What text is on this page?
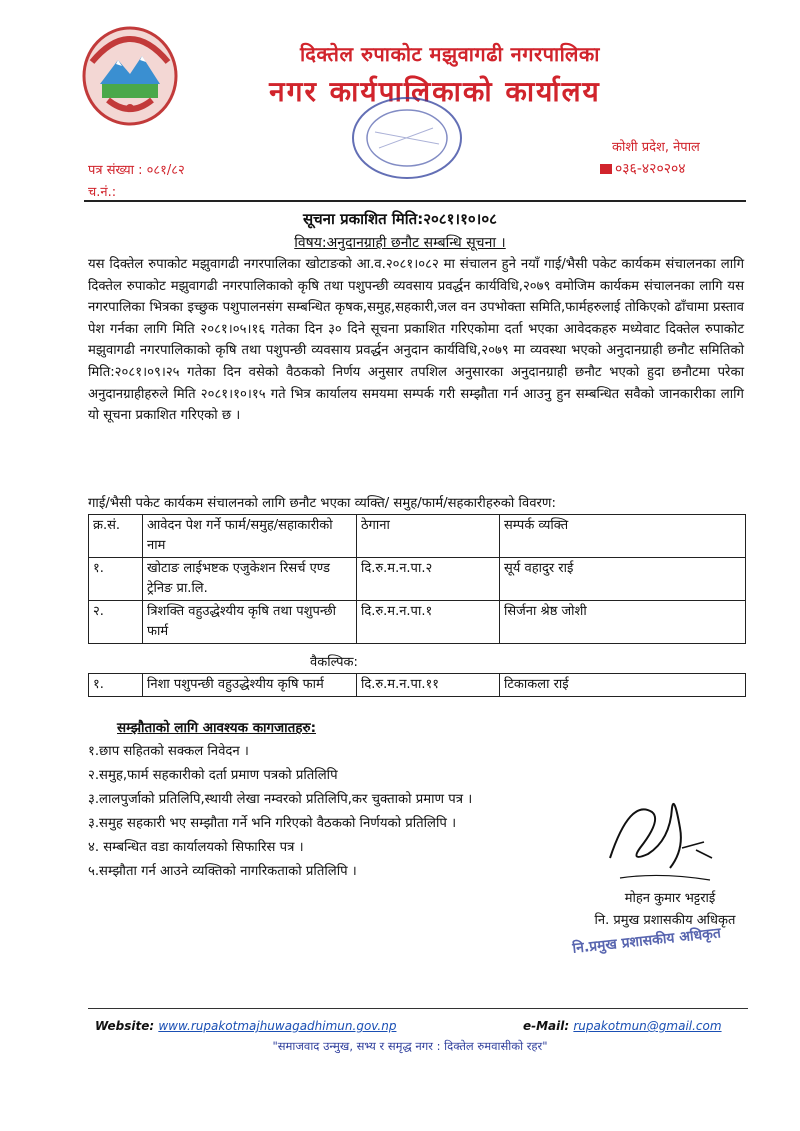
दिक्तेल रुपाकोट मझुवागढी नगरपालिका
नगर कार्यपालिकाको कार्यालय
कोशी प्रदेश, नेपाल
०३६-४२०२०४
पत्र संख्या : ०८१/८२
च.नं.:
सूचना प्रकाशित मिति:२०८१।१०।०८
विषय:अनुदानग्राही छनौट सम्बन्धि सूचना ।
यस दिक्तेल रुपाकोट मझुवागढी नगरपालिका खोटाङको आ.व.२०८१।०८२ मा संचालन हुने नयाँ गाई/भैसी पकेट कार्यकम संचालनका लागि दिक्तेल रुपाकोट मझुवागढी नगरपालिकाको कृषि तथा पशुपन्छी व्यवसाय प्रवर्द्धन कार्यविधि,२०७९ वमोजिम कार्यकम संचालनका लागि यस नगरपालिका भित्रका इच्छुक पशुपालनसंग सम्बन्धित कृषक,समुह,सहकारी,जल वन उपभोक्ता समिति,फार्महरुलाई तोकिएको ढाँचामा प्रस्ताव पेश गर्नका लागि मिति २०८१।०५।१६ गतेका दिन ३० दिने सूचना प्रकाशित गरिएकोमा दर्ता भएका आवेदकहरु मध्येवाट दिक्तेल रुपाकोट मझुवागढी नगरपालिकाको कृषि तथा पशुपन्छी व्यवसाय प्रवर्द्धन अनुदान कार्यविधि,२०७९ मा व्यवस्था भएको अनुदानग्राही छनौट समितिको मिति:२०८१।०९।२५ गतेका दिन वसेको वैठकको निर्णय अनुसार तपशिल अनुसारका अनुदानग्राही छनौट भएको हुदा छनौटमा परेका अनुदानग्राहीहरुले मिति २०८१।१०।१५ गते भित्र कार्यालय समयमा सम्पर्क गरी सम्झौता गर्न आउनु हुन सम्बन्धित सवैको जानकारीका लागि यो सूचना प्रकाशित गरिएको छ ।
गाई/भैसी पकेट कार्यकम संचालनको लागि छनौट भएका व्यक्ति/ समुह/फार्म/सहकारीहरुको विवरण:
क्र.सं.	आवेदन पेश गर्ने फार्म/समुह/सहाकारीको नाम	ठेगाना	सम्पर्क व्यक्ति
१.	खोटाङ लाईभष्टक एजुकेशन रिसर्च एण्ड ट्रेनिङ प्रा.लि.	दि.रु.म.न.पा.२	सूर्य वहादुर राई
२.	त्रिशक्ति वहुउद्धेश्यीय कृषि तथा पशुपन्छी फार्म	दि.रु.म.न.पा.१	सिर्जना श्रेष्ठ जोशी
वैकल्पिक:
१.	निशा पशुपन्छी वहुउद्धेश्यीय कृषि फार्म	दि.रु.म.न.पा.११	टिकाकला राई
सम्झौताको लागि आवश्यक कागजातहरु:
१.छाप सहितको सक्कल निवेदन ।
२.समुह,फार्म सहकारीको दर्ता प्रमाण पत्रको प्रतिलिपि
३.लालपुर्जाको प्रतिलिपि,स्थायी लेखा नम्वरको प्रतिलिपि,कर चुक्ताको प्रमाण पत्र ।
३.समुह सहकारी भए सम्झौता गर्ने भनि गरिएको वैठकको निर्णयको प्रतिलिपि ।
४. सम्बन्धित वडा कार्यालयको सिफारिस पत्र ।
५.सम्झौता गर्न आउने व्यक्तिको नागरिकताको प्रतिलिपि ।
मोहन कुमार भट्टराई
नि. प्रमुख प्रशासकीय अधिकृत
नि.प्रमुख प्रशासकीय अधिकृत
Website: www.rupakotmajhuwagadhimun.gov.np	e-Mail: rupakotmun@gmail.com
"समाजवाद उन्मुख, सभ्य र समृद्ध नगर : दिक्तेल रुमवासीको रहर"
